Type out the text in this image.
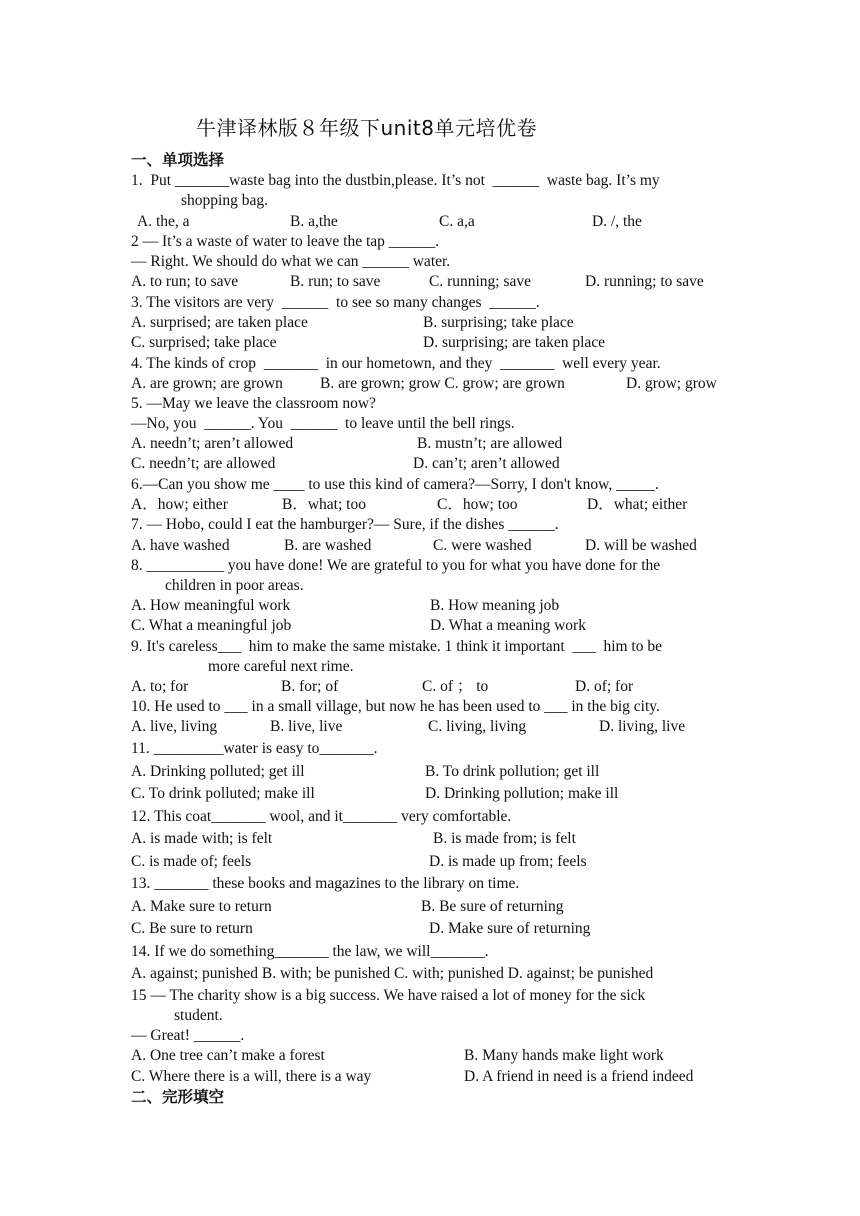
牛津译林版８年级下unit8单元培优卷
一、单项选择
1.  Put _______waste bag into the dustbin,please. It’s not  ______  waste bag. It’s my
shopping bag.
A. the, a	B. a,the	C. a,a	D. /, the
2 — It’s a waste of water to leave the tap ______.
— Right. We should do what we can ______ water.
A. to run; to save	B. run; to save	C. running; save	D. running; to save
3. The visitors are very  ______  to see so many changes  ______.
A. surprised; are taken place	B. surprising; take place
C. surprised; take place	D. surprising; are taken place
4. The kinds of crop  _______  in our hometown, and they  _______  well every year.
A. are grown; are grown B. are grown; grow C. grow; are grown	D. grow; grow
5. —May we leave the classroom now?
—No, you  ______. You  ______  to leave until the bell rings.
A. needn’t; aren’t allowed	B. mustn’t; are allowed
C. needn’t; are allowed	D. can’t; aren’t allowed
6.—Can you show me ____ to use this kind of camera?—Sorry, I don't know, _____.
A．how; either	B．what; too	C．how; too	D．what; either
7. — Hobo, could I eat the hamburger?— Sure, if the dishes ______.
A. have washed	B. are washed	C. were washed	D. will be washed
8. __________ you have done! We are grateful to you for what you have done for the
children in poor areas.
A. How meaningful work	B. How meaning job
C. What a meaningful job	D. What a meaning work
9. It's careless___  him to make the same mistake. 1 think it important  ___  him to be
more careful next rime.
A. to; for	B. for; of	C. of ； to	D. of; for
10. He used to ___ in a small village, but now he has been used to ___ in the big city.
A. live, living	B. live, live	C. living, living	D. living, live
11. _________water is easy to_______.
A. Drinking polluted; get ill	B. To drink pollution; get ill
C. To drink polluted; make ill	D. Drinking pollution; make ill
12. This coat_______ wool, and it_______ very comfortable.
A. is made with; is felt	B. is made from; is felt
C. is made of; feels	D. is made up from; feels
13. _______ these books and magazines to the library on time.
A. Make sure to return	B. Be sure of returning
C. Be sure to return	D. Make sure of returning
14. If we do something_______ the law, we will_______.
A. against; punished B. with; be punished C. with; punished D. against; be punished
15 — The charity show is a big success. We have raised a lot of money for the sick
student.
— Great! ______.
A. One tree can’t make a forest	B. Many hands make light work
C. Where there is a will, there is a way	D. A friend in need is a friend indeed
二、完形填空
